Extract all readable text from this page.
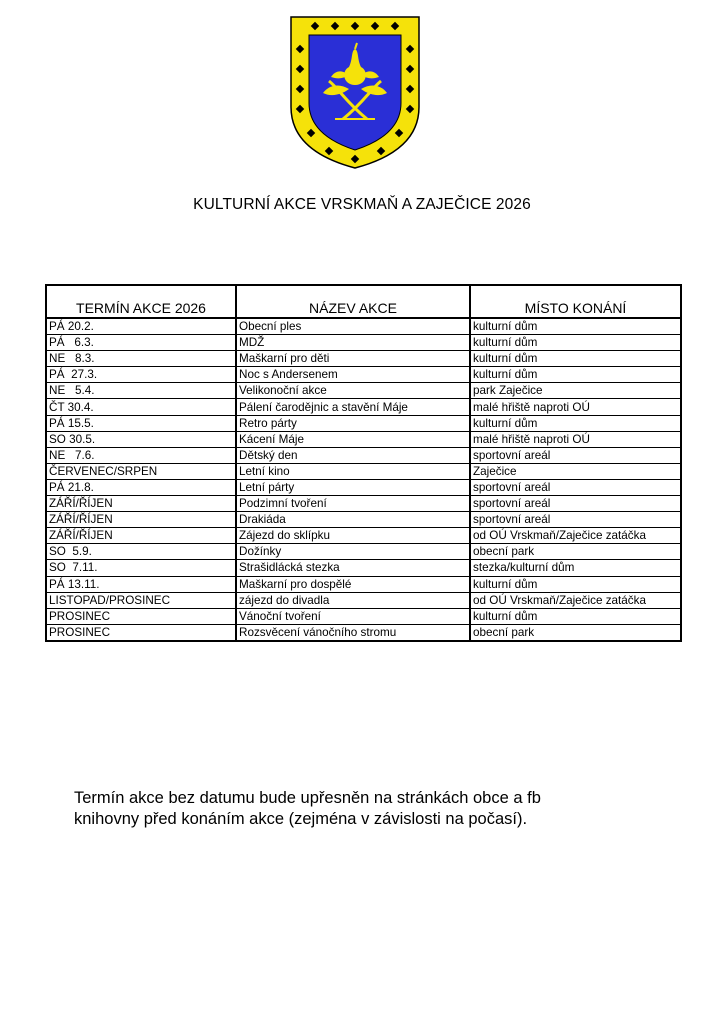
KULTURNÍ AKCE VRSKMAŇ A ZAJEČICE 2026
TERMÍN AKCE 2026	NÁZEV AKCE	MÍSTO KONÁNÍ
PÁ 20.2.	Obecní ples	kulturní dům
PÁ   6.3.	MDŽ	kulturní dům
NE   8.3.	Maškarní pro děti	kulturní dům
PÁ  27.3.	Noc s Andersenem	kulturní dům
NE   5.4.	Velikonoční akce	park Zaječice
ČT 30.4.	Pálení čarodějnic a stavění Máje	malé hřiště naproti OÚ
PÁ 15.5.	Retro párty	kulturní dům
SO 30.5.	Kácení Máje	malé hřiště naproti OÚ
NE   7.6.	Dětský den	sportovní areál
ČERVENEC/SRPEN	Letní kino	Zaječice
PÁ 21.8.	Letní párty	sportovní areál
ZÁŘÍ/ŘÍJEN	Podzimní tvoření	sportovní areál
ZÁŘÍ/ŘÍJEN	Drakiáda	sportovní areál
ZÁŘÍ/ŘÍJEN	Zájezd do sklípku	od OÚ Vrskmaň/Zaječice zatáčka
SO  5.9.	Dožínky	obecní park
SO  7.11.	Strašidlácká stezka	stezka/kulturní dům
PÁ 13.11.	Maškarní pro dospělé	kulturní dům
LISTOPAD/PROSINEC	zájezd do divadla	od OÚ Vrskmaň/Zaječice zatáčka
PROSINEC	Vánoční tvoření	kulturní dům
PROSINEC	Rozsvěcení vánočního stromu	obecní park
Termín akce bez datumu bude upřesněn na stránkách obce a fb
knihovny před konáním akce (zejména v závislosti na počasí).
